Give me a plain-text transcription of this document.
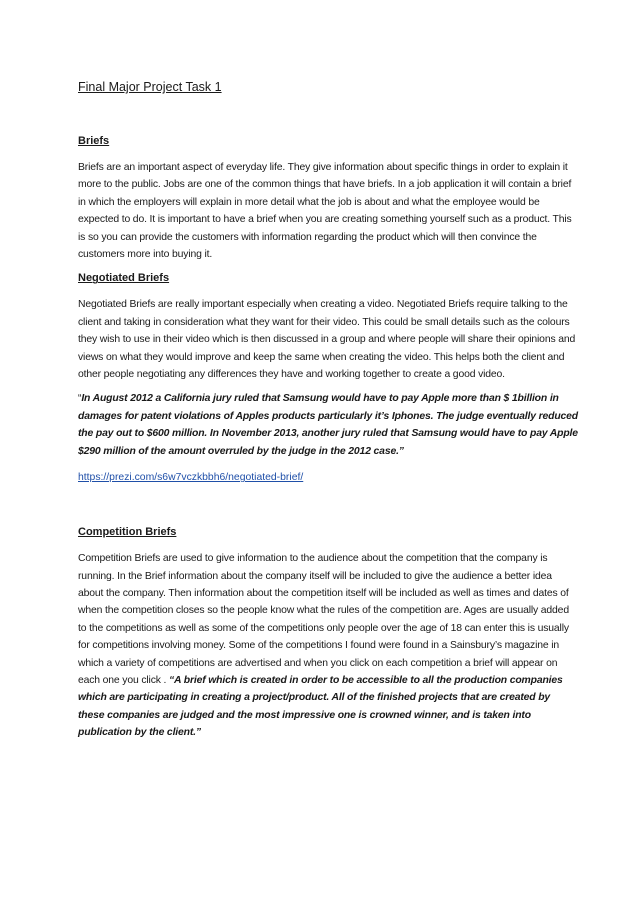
Final Major Project Task 1
Briefs

Briefs are an important aspect of everyday life. They give information about specific things in order to explain it more to the public. Jobs are one of the common things that have briefs. In a job application it will contain a brief in which the employers will explain in more detail what the job is about and what the employee would be expected to do. It is important to have a brief when you are creating something yourself such as a product. This is so you can provide the customers with information regarding the product which will then convince the customers more into buying it.

Negotiated Briefs

Negotiated Briefs are really important especially when creating a video. Negotiated Briefs require talking to the client and taking in consideration what they want for their video. This could be small details such as the colours they wish to use in their video which is then discussed in a group and where people will share their opinions and views on what they would improve and keep the same when creating the video. This helps both the client and other people negotiating any differences they have and working together to create a good video.

“In August 2012 a California jury ruled that Samsung would have to pay Apple more than $ 1billion in damages for patent violations of Apples products particularly it’s Iphones. The judge eventually reduced the pay out to $600 million. In November 2013, another jury ruled that Samsung would have to pay Apple $290 million of the amount overruled by the judge in the 2012 case.”

https://prezi.com/s6w7vczkbbh6/negotiated-brief/
Competition Briefs

Competition Briefs are used to give information to the audience about the competition that the company is running. In the Brief information about the company itself will be included to give the audience a better idea about the company. Then information about the competition itself will be included as well as times and dates of when the competition closes so the people know what the rules of the competition are. Ages are usually added to the competitions as well as some of the competitions only people over the age of 18 can enter this is usually for competitions involving money. Some of the competitions I found were found in a Sainsbury’s magazine in which a variety of competitions are advertised and when you click on each competition a brief will appear on each one you click . “A brief which is created in order to be accessible to all the production companies which are participating in creating a project/product. All of the finished projects that are created by these companies are judged and the most impressive one is crowned winner, and is taken into publication by the client.”
